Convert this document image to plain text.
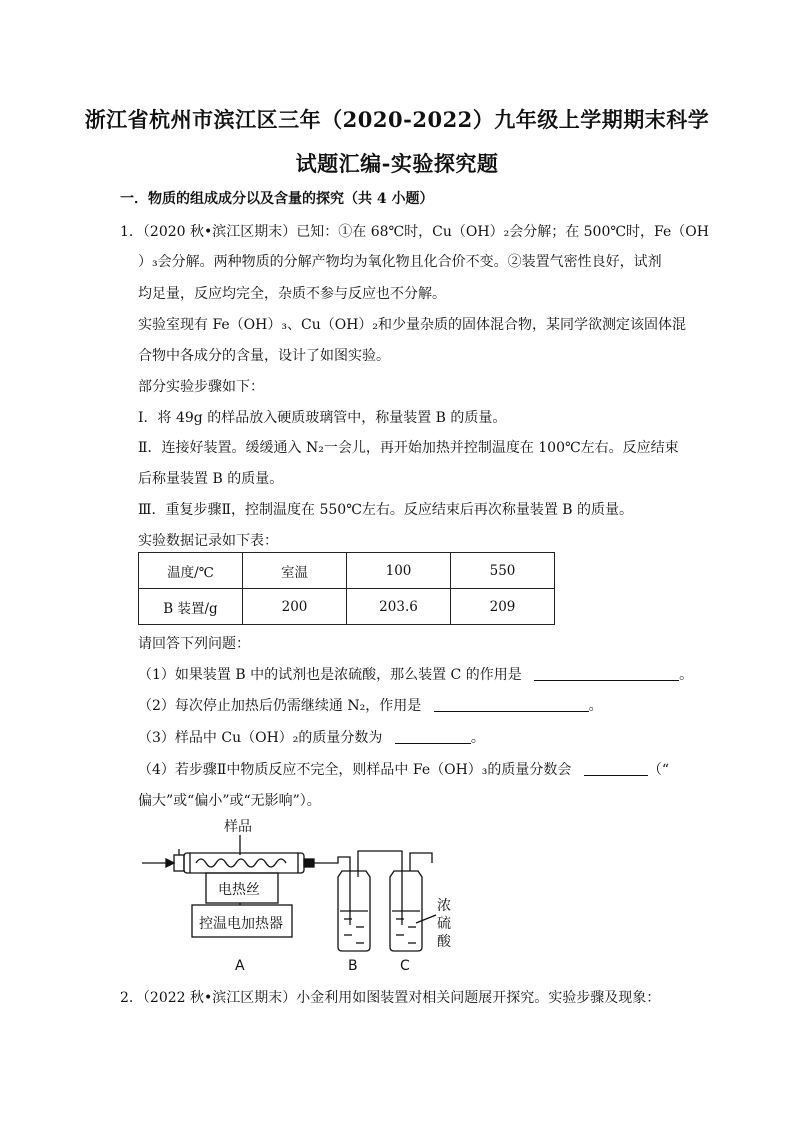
浙江省杭州市滨江区三年（2020-2022）九年级上学期期末科学
试题汇编-实验探究题
一．物质的组成成分以及含量的探究（共 4 小题）
1．（2020 秋•滨江区期末）已知：①在 68℃时，Cu（OH）₂会分解；在 500℃时，Fe（OH
）₃会分解。两种物质的分解产物均为氧化物且化合价不变。②装置气密性良好，试剂
均足量，反应均完全，杂质不参与反应也不分解。
实验室现有 Fe（OH）₃、Cu（OH）₂和少量杂质的固体混合物，某同学欲测定该固体混
合物中各成分的含量，设计了如图实验。
部分实验步骤如下：
Ⅰ．将 49g 的样品放入硬质玻璃管中，称量装置 B 的质量。
Ⅱ．连接好装置。缓缓通入 N₂一会儿，再开始加热并控制温度在 100℃左右。反应结束
后称量装置 B 的质量。
Ⅲ．重复步骤Ⅱ，控制温度在 550℃左右。反应结束后再次称量装置 B 的质量。
实验数据记录如下表：
温度/℃	室温	100	550
B 装置/g	200	203.6	209
请回答下列问题：
（1）如果装置 B 中的试剂也是浓硫酸，那么装置 C 的作用是	。
（2）每次停止加热后仍需继续通 N₂，作用是	。
（3）样品中 Cu（OH）₂的质量分数为	。
（4）若步骤Ⅱ中物质反应不完全，则样品中 Fe（OH）₃的质量分数会	（“
偏大”或“偏小”或“无影响”）。
样品
电热丝
控温电加热器
浓
硫
酸
A	B	C
2．（2022 秋•滨江区期末）小金利用如图装置对相关问题展开探究。实验步骤及现象：
